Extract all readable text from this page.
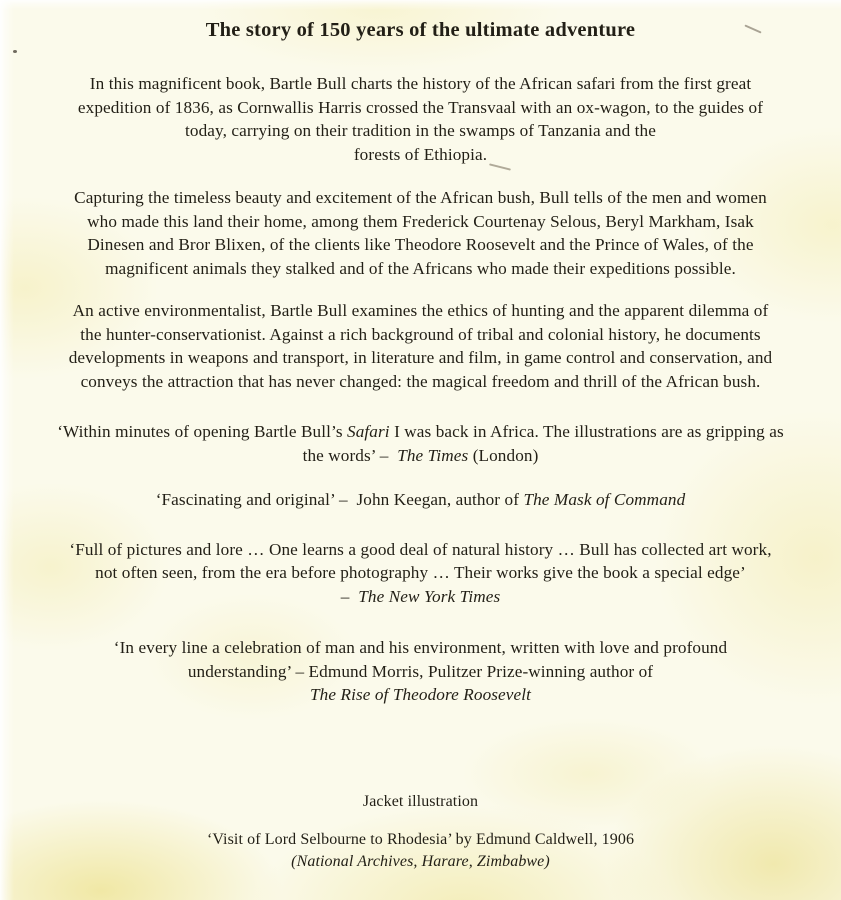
The story of 150 years of the ultimate adventure
In this magnificent book, Bartle Bull charts the history of the African safari from the first great
expedition of 1836, as Cornwallis Harris crossed the Transvaal with an ox-wagon, to the guides of
today, carrying on their tradition in the swamps of Tanzania and the
forests of Ethiopia.
Capturing the timeless beauty and excitement of the African bush, Bull tells of the men and women
who made this land their home, among them Frederick Courtenay Selous, Beryl Markham, Isak
Dinesen and Bror Blixen, of the clients like Theodore Roosevelt and the Prince of Wales, of the
magnificent animals they stalked and of the Africans who made their expeditions possible.
An active environmentalist, Bartle Bull examines the ethics of hunting and the apparent dilemma of
the hunter-conservationist. Against a rich background of tribal and colonial history, he documents
developments in weapons and transport, in literature and film, in game control and conservation, and
conveys the attraction that has never changed: the magical freedom and thrill of the African bush.
‘Within minutes of opening Bartle Bull’s Safari I was back in Africa. The illustrations are as gripping as
the words’ – The Times (London)
‘Fascinating and original’ –  John Keegan, author of The Mask of Command
‘Full of pictures and lore … One learns a good deal of natural history … Bull has collected art work,
not often seen, from the era before photography … Their works give the book a special edge’
– The New York Times
‘In every line a celebration of man and his environment, written with love and profound
understanding’ – Edmund Morris, Pulitzer Prize-winning author of
The Rise of Theodore Roosevelt
Jacket illustration
‘Visit of Lord Selbourne to Rhodesia’ by Edmund Caldwell, 1906
(National Archives, Harare, Zimbabwe)
